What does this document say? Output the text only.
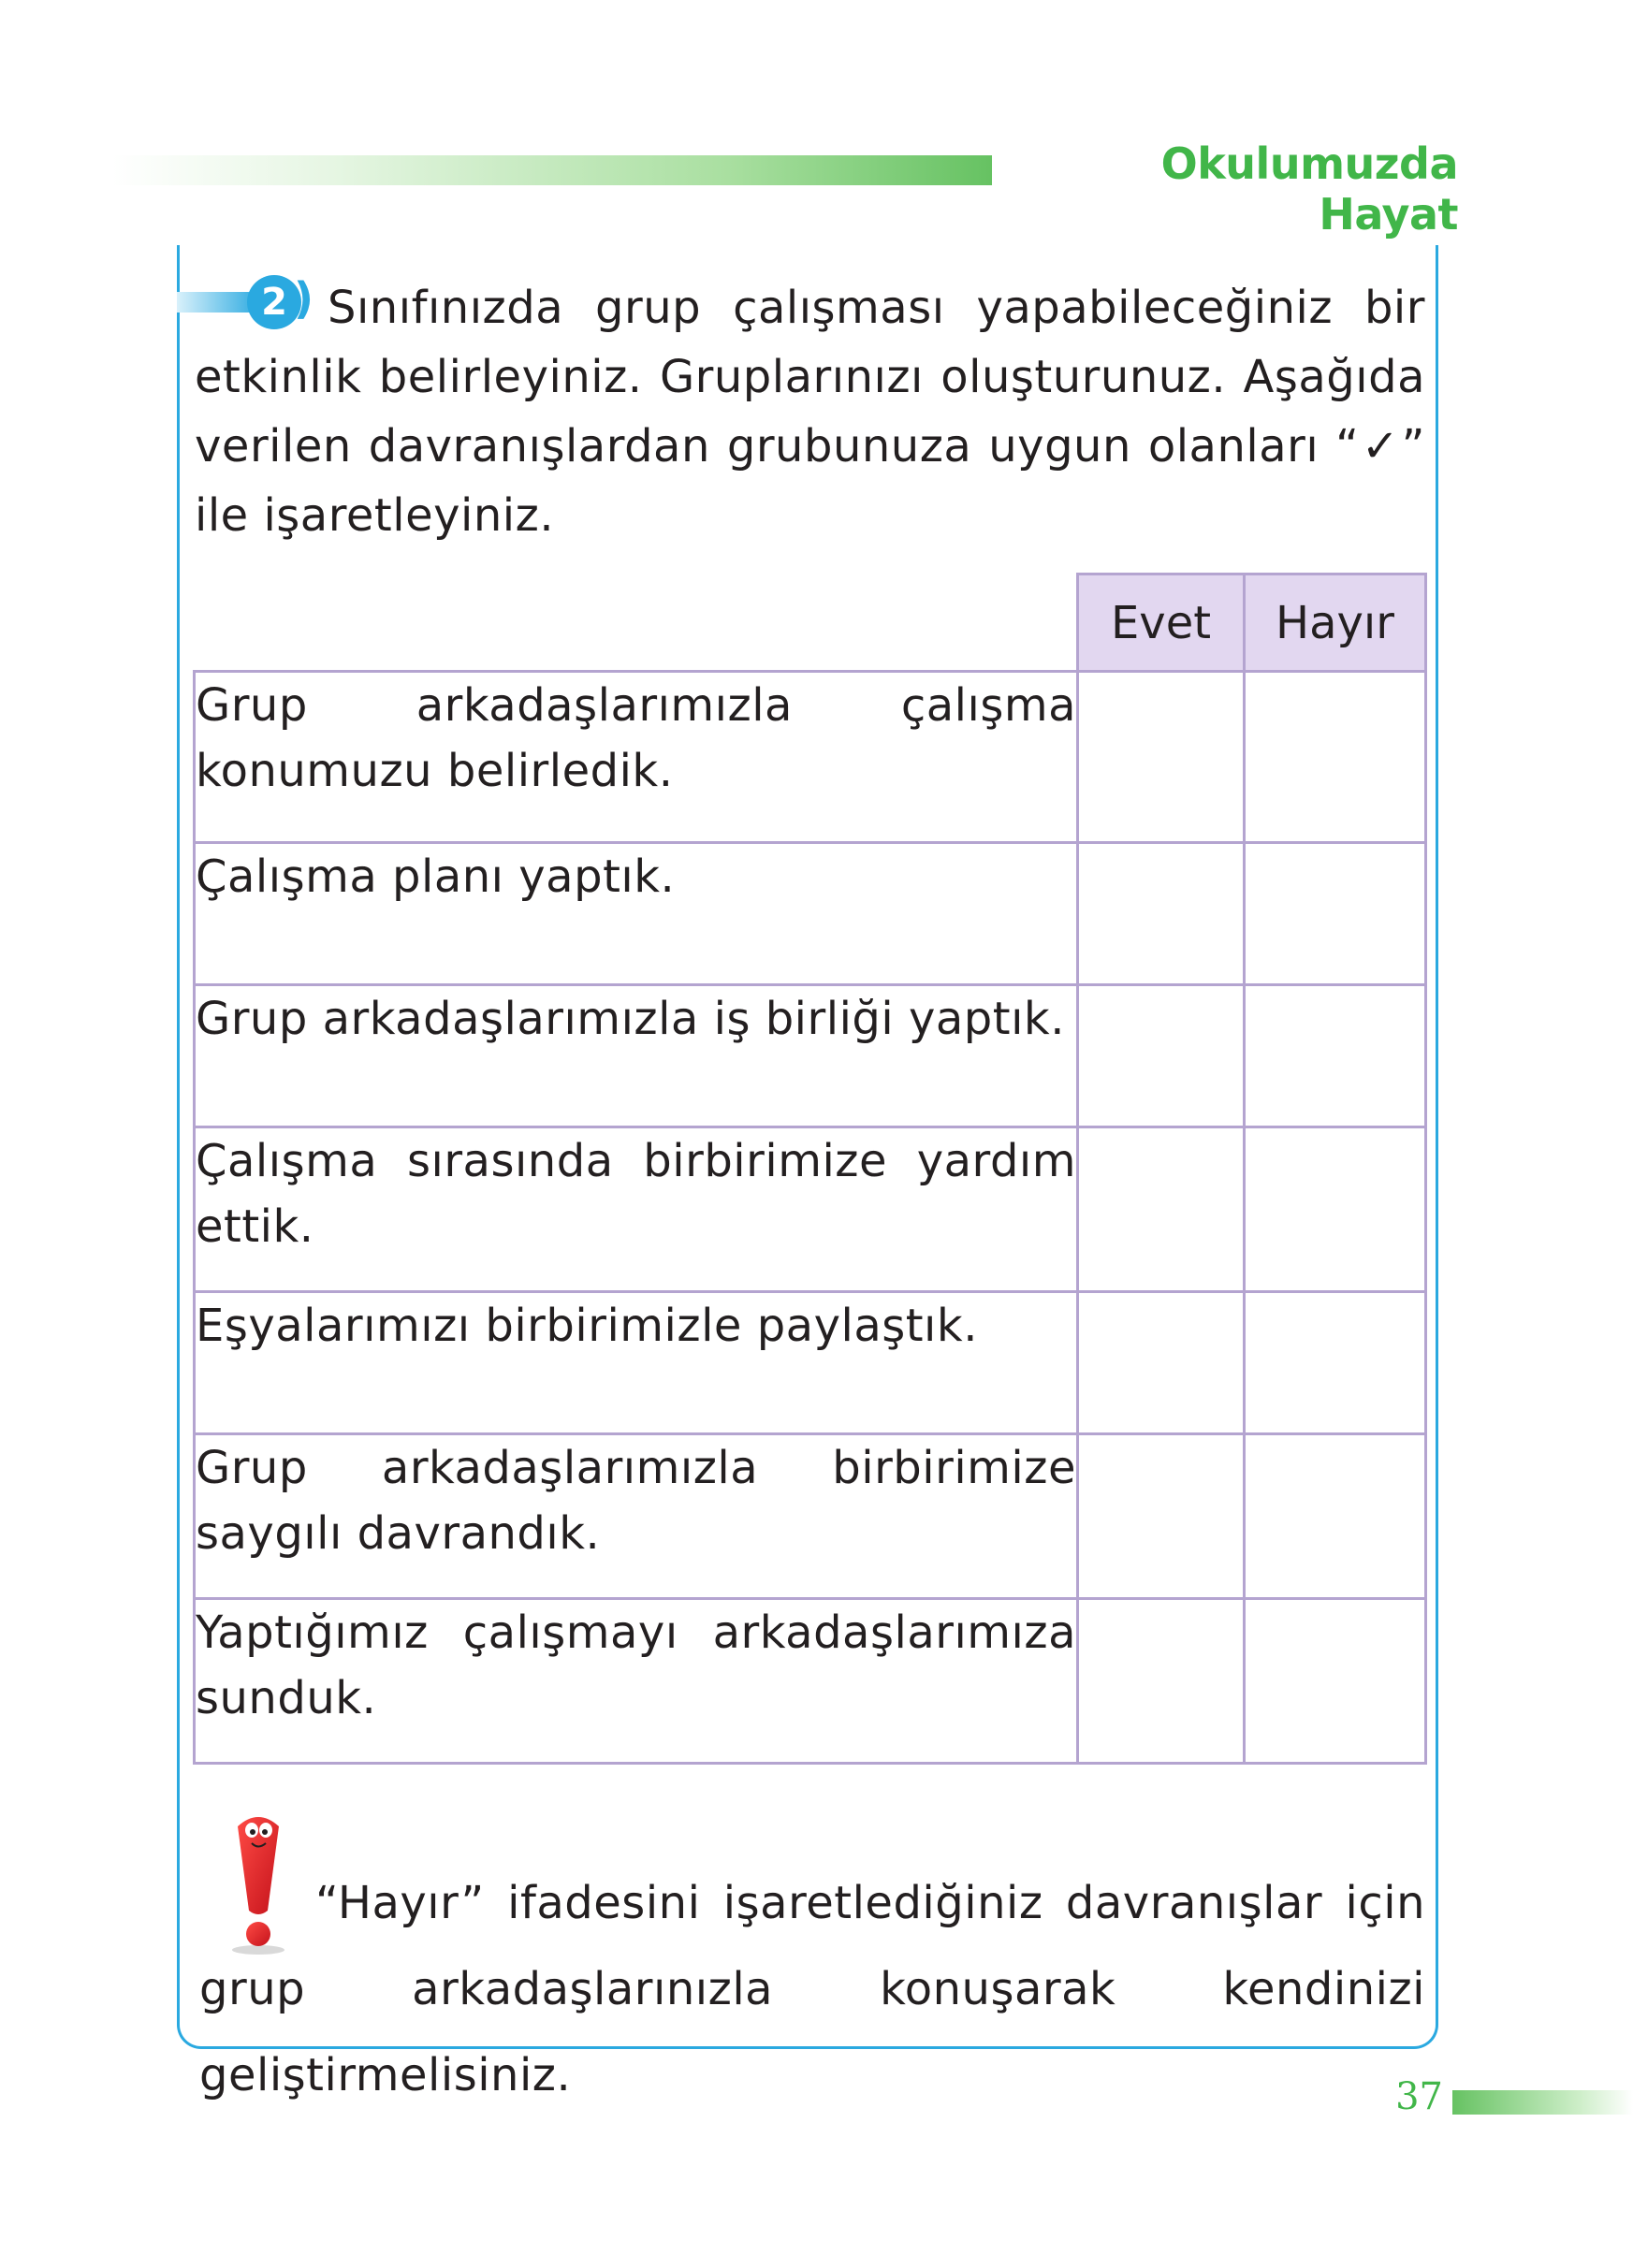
Okulumuzda Hayat
2 ) Sınıfınızda grup çalışması yapabileceğiniz bir etkinlik belirleyiniz. Gruplarınızı oluşturunuz. Aşağıda verilen davranışlardan grubunuza uygun olanları “✓” ile işaretleyiniz.
	Evet	Hayır
Grup arkadaşlarımızla çalışma konumuzu belirledik.		
Çalışma planı yaptık.		
Grup arkadaşlarımızla iş birliği yaptık.		
Çalışma sırasında birbirimize yardım ettik.		
Eşyalarımızı birbirimizle paylaştık.		
Grup arkadaşlarımızla birbirimize saygılı davrandık.		
Yaptığımız çalışmayı arkadaşlarımıza sunduk.		
“Hayır” ifadesini işaretlediğiniz davranışlar için grup arkadaşlarınızla konuşarak kendinizi geliştirmelisiniz.	37
